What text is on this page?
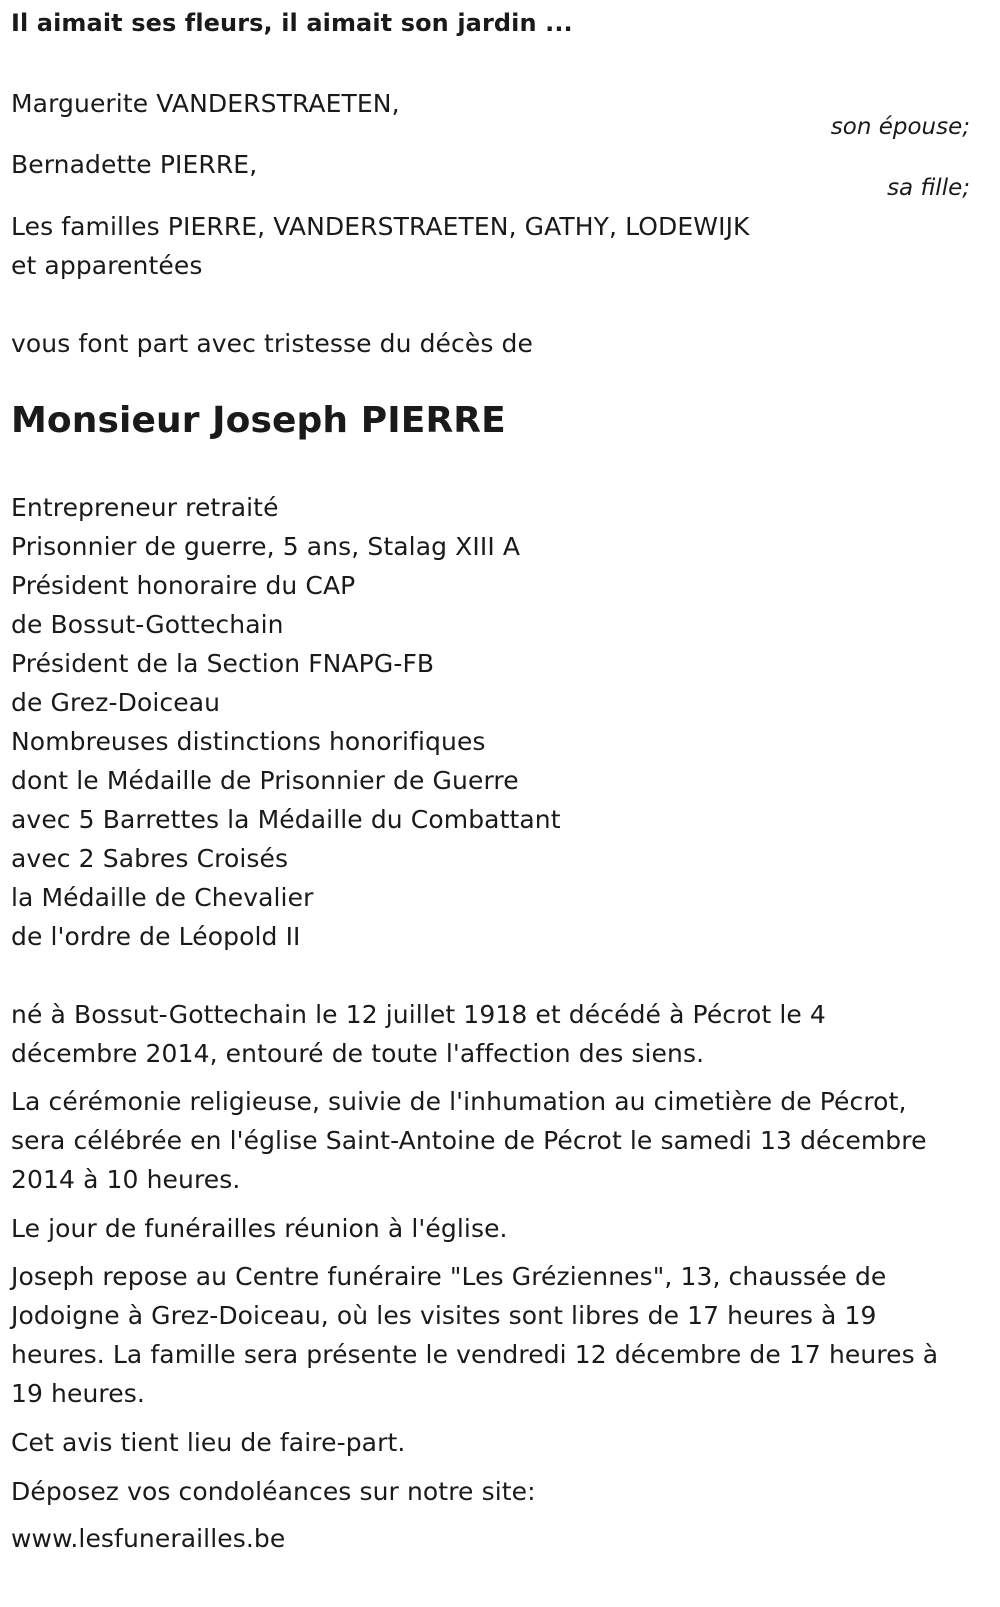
Il aimait ses fleurs, il aimait son jardin ...

Marguerite VANDERSTRAETEN,

son épouse;

Bernadette PIERRE,

sa fille;

Les familles PIERRE, VANDERSTRAETEN, GATHY, LODEWIJK

et apparentées

vous font part avec tristesse du décès de

Monsieur Joseph PIERRE

Entrepreneur retraité

Prisonnier de guerre, 5 ans, Stalag XIII A

Président honoraire du CAP

de Bossut-Gottechain

Président de la Section FNAPG-FB

de Grez-Doiceau

Nombreuses distinctions honorifiques

dont le Médaille de Prisonnier de Guerre

avec 5 Barrettes la Médaille du Combattant

avec 2 Sabres Croisés

la Médaille de Chevalier

de l'ordre de Léopold II

né à Bossut-Gottechain le 12 juillet 1918 et décédé à Pécrot le 4

décembre 2014, entouré de toute l'affection des siens.

La cérémonie religieuse, suivie de l'inhumation au cimetière de Pécrot,

sera célébrée en l'église Saint-Antoine de Pécrot le samedi 13 décembre

2014 à 10 heures.

Le jour de funérailles réunion à l'église.

Joseph repose au Centre funéraire "Les Gréziennes", 13, chaussée de

Jodoigne à Grez-Doiceau, où les visites sont libres de 17 heures à 19

heures. La famille sera présente le vendredi 12 décembre de 17 heures à

19 heures.

Cet avis tient lieu de faire-part.

Déposez vos condoléances sur notre site:

www.lesfunerailles.be
